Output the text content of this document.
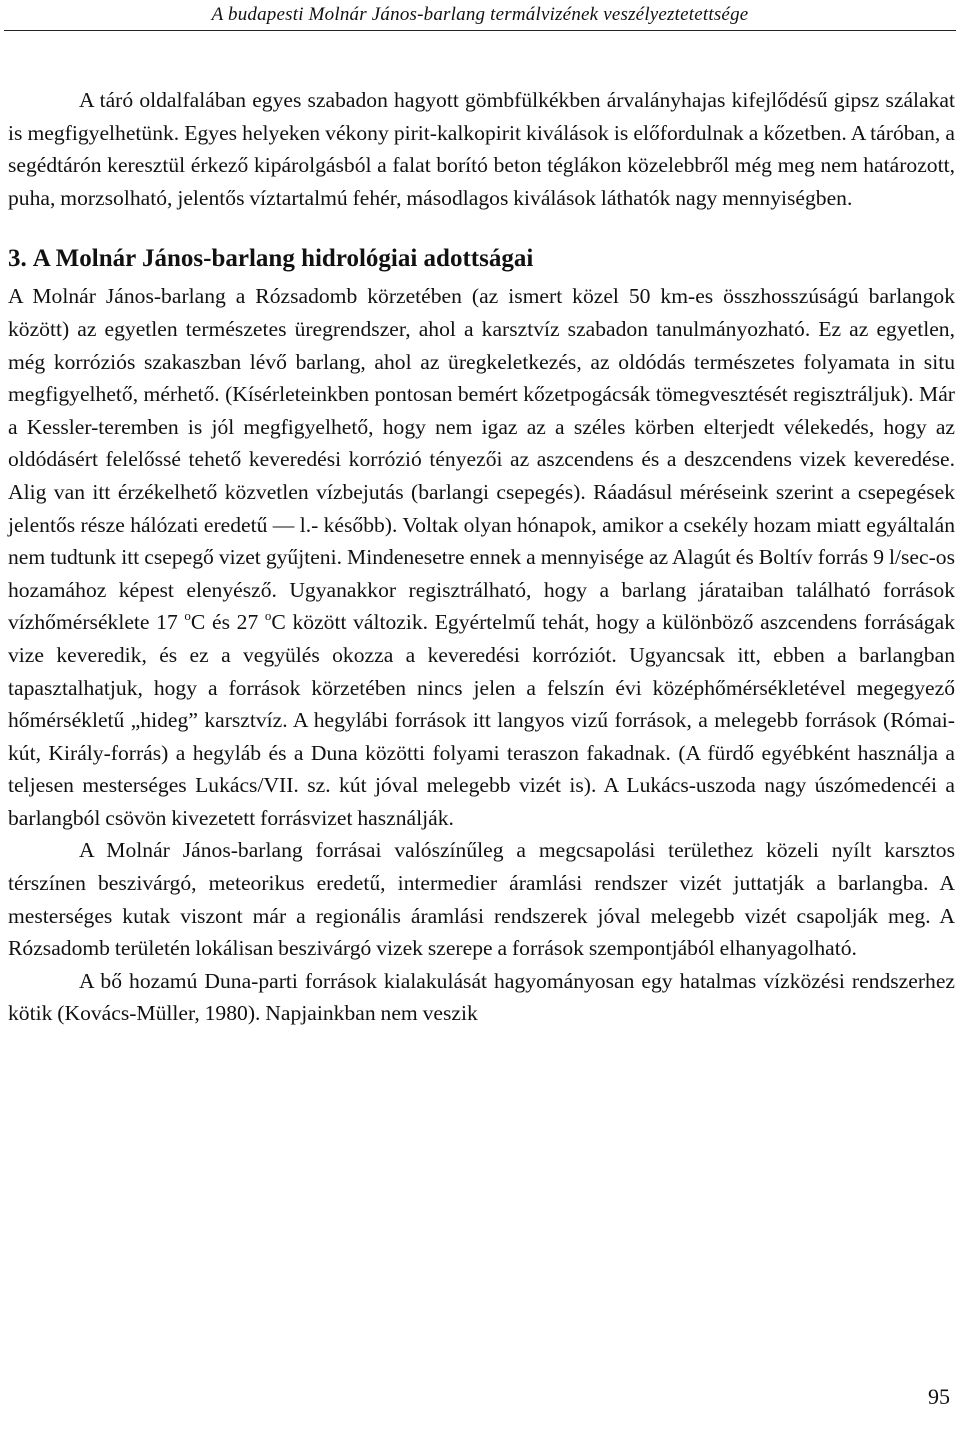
A budapesti Molnár János-barlang termálvizének veszélyeztetettsége

A táró oldalfalában egyes szabadon hagyott gömbfülkékben árvalányhajas kifejlődésű gipsz szálakat is megfigyelhetünk. Egyes helyeken vékony pirit-kalkopirit kiválások is előfordulnak a kőzetben. A táróban, a segédtárón keresztül érkező kipárolgásból a falat borító beton téglákon közelebbről még meg nem határozott, puha, morzsolható, jelentős víztartalmú fehér, másodlagos kiválások láthatók nagy mennyiségben.

3. A Molnár János-barlang hidrológiai adottságai

A Molnár János-barlang a Rózsadomb körzetében (az ismert közel 50 km-es összhosszúságú barlangok között) az egyetlen természetes üregrendszer, ahol a karsztvíz szabadon tanulmányozható. Ez az egyetlen, még korróziós szakaszban lévő barlang, ahol az üregkeletkezés, az oldódás természetes folyamata in situ megfigyelhető, mérhető. (Kísérleteinkben pontosan bemért kőzetpogácsák tömegvesztését regisztráljuk). Már a Kessler-teremben is jól megfigyelhető, hogy nem igaz az a széles körben elterjedt vélekedés, hogy az oldódásért felelőssé tehető keveredési korrózió tényezői az aszcendens és a deszcendens vizek keveredése. Alig van itt érzékelhető közvetlen vízbejutás (barlangi csepegés). Ráadásul méréseink szerint a csepegések jelentős része hálózati eredetű — l.- később). Voltak olyan hónapok, amikor a csekély hozam miatt egyáltalán nem tudtunk itt csepegő vizet gyűjteni. Mindenesetre ennek a mennyisége az Alagút és Boltív forrás 9 l/sec-os hozamához képest elenyésző. Ugyanakkor regisztrálható, hogy a barlang járataiban található források vízhőmérséklete 17 $^o$C és 27 $^o$C között változik. Egyértelmű tehát, hogy a különböző aszcendens forráságak vize keveredik, és ez a vegyülés okozza a keveredési korróziót. Ugyancsak itt, ebben a barlangban tapasztalhatjuk, hogy a források körzetében nincs jelen a felszín évi középhőmérsékletével megegyező hőmérsékletű „hideg” karsztvíz. A hegylábi források itt langyos vizű források, a melegebb források (Római-kút, Király-forrás) a hegyláb és a Duna közötti folyami teraszon fakadnak. (A fürdő egyébként használja a teljesen mesterséges Lukács/VII. sz. kút jóval melegebb vizét is). A Lukács-uszoda nagy úszómedencéi a barlangból csövön kivezetett forrásvizet használják.

A Molnár János-barlang forrásai valószínűleg a megcsapolási területhez közeli nyílt karsztos térszínen beszivárgó, meteorikus eredetű, intermedier áramlási rendszer vizét juttatják a barlangba. A mesterséges kutak viszont már a regionális áramlási rendszerek jóval melegebb vizét csapolják meg. A Rózsadomb területén lokálisan beszivárgó vizek szerepe a források szempontjából elhanyagolható.

A bő hozamú Duna-parti források kialakulását hagyományosan egy hatalmas vízközési rendszerhez kötik (Kovács-Müller, 1980). Napjainkban nem veszik

95
